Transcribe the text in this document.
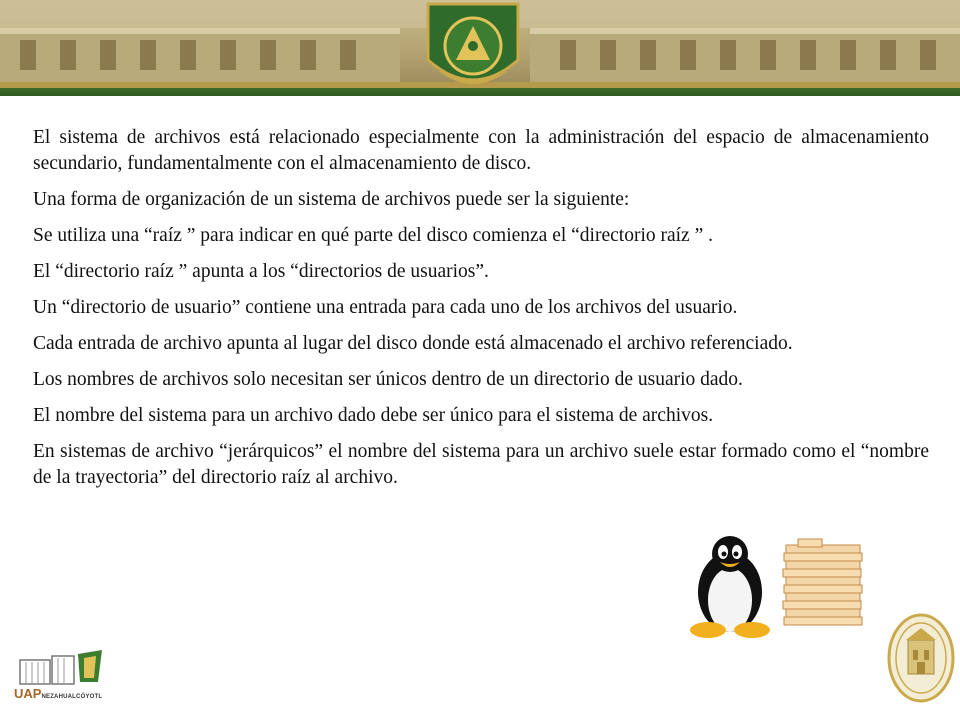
El sistema de archivos está relacionado especialmente con la administración del espacio de almacenamiento secundario, fundamentalmente con el almacenamiento de disco.

Una forma de organización de un sistema de archivos puede ser la siguiente:

Se utiliza una “raíz ” para indicar en qué parte del disco comienza el “directorio raíz ” .

El “directorio raíz ” apunta a los “directorios de usuarios”.

Un “directorio de usuario” contiene una entrada para cada uno de los archivos del usuario.

Cada entrada de archivo apunta al lugar del disco donde está almacenado el archivo referenciado.

Los nombres de archivos solo necesitan ser únicos dentro de un directorio de usuario dado.

El nombre del sistema para un archivo dado debe ser único para el sistema de archivos.

En sistemas de archivo “jerárquicos” el nombre del sistema para un archivo suele estar formado como el “nombre de la trayectoria” del directorio raíz al archivo.

UAPNEZAHUALCÓYOTL
